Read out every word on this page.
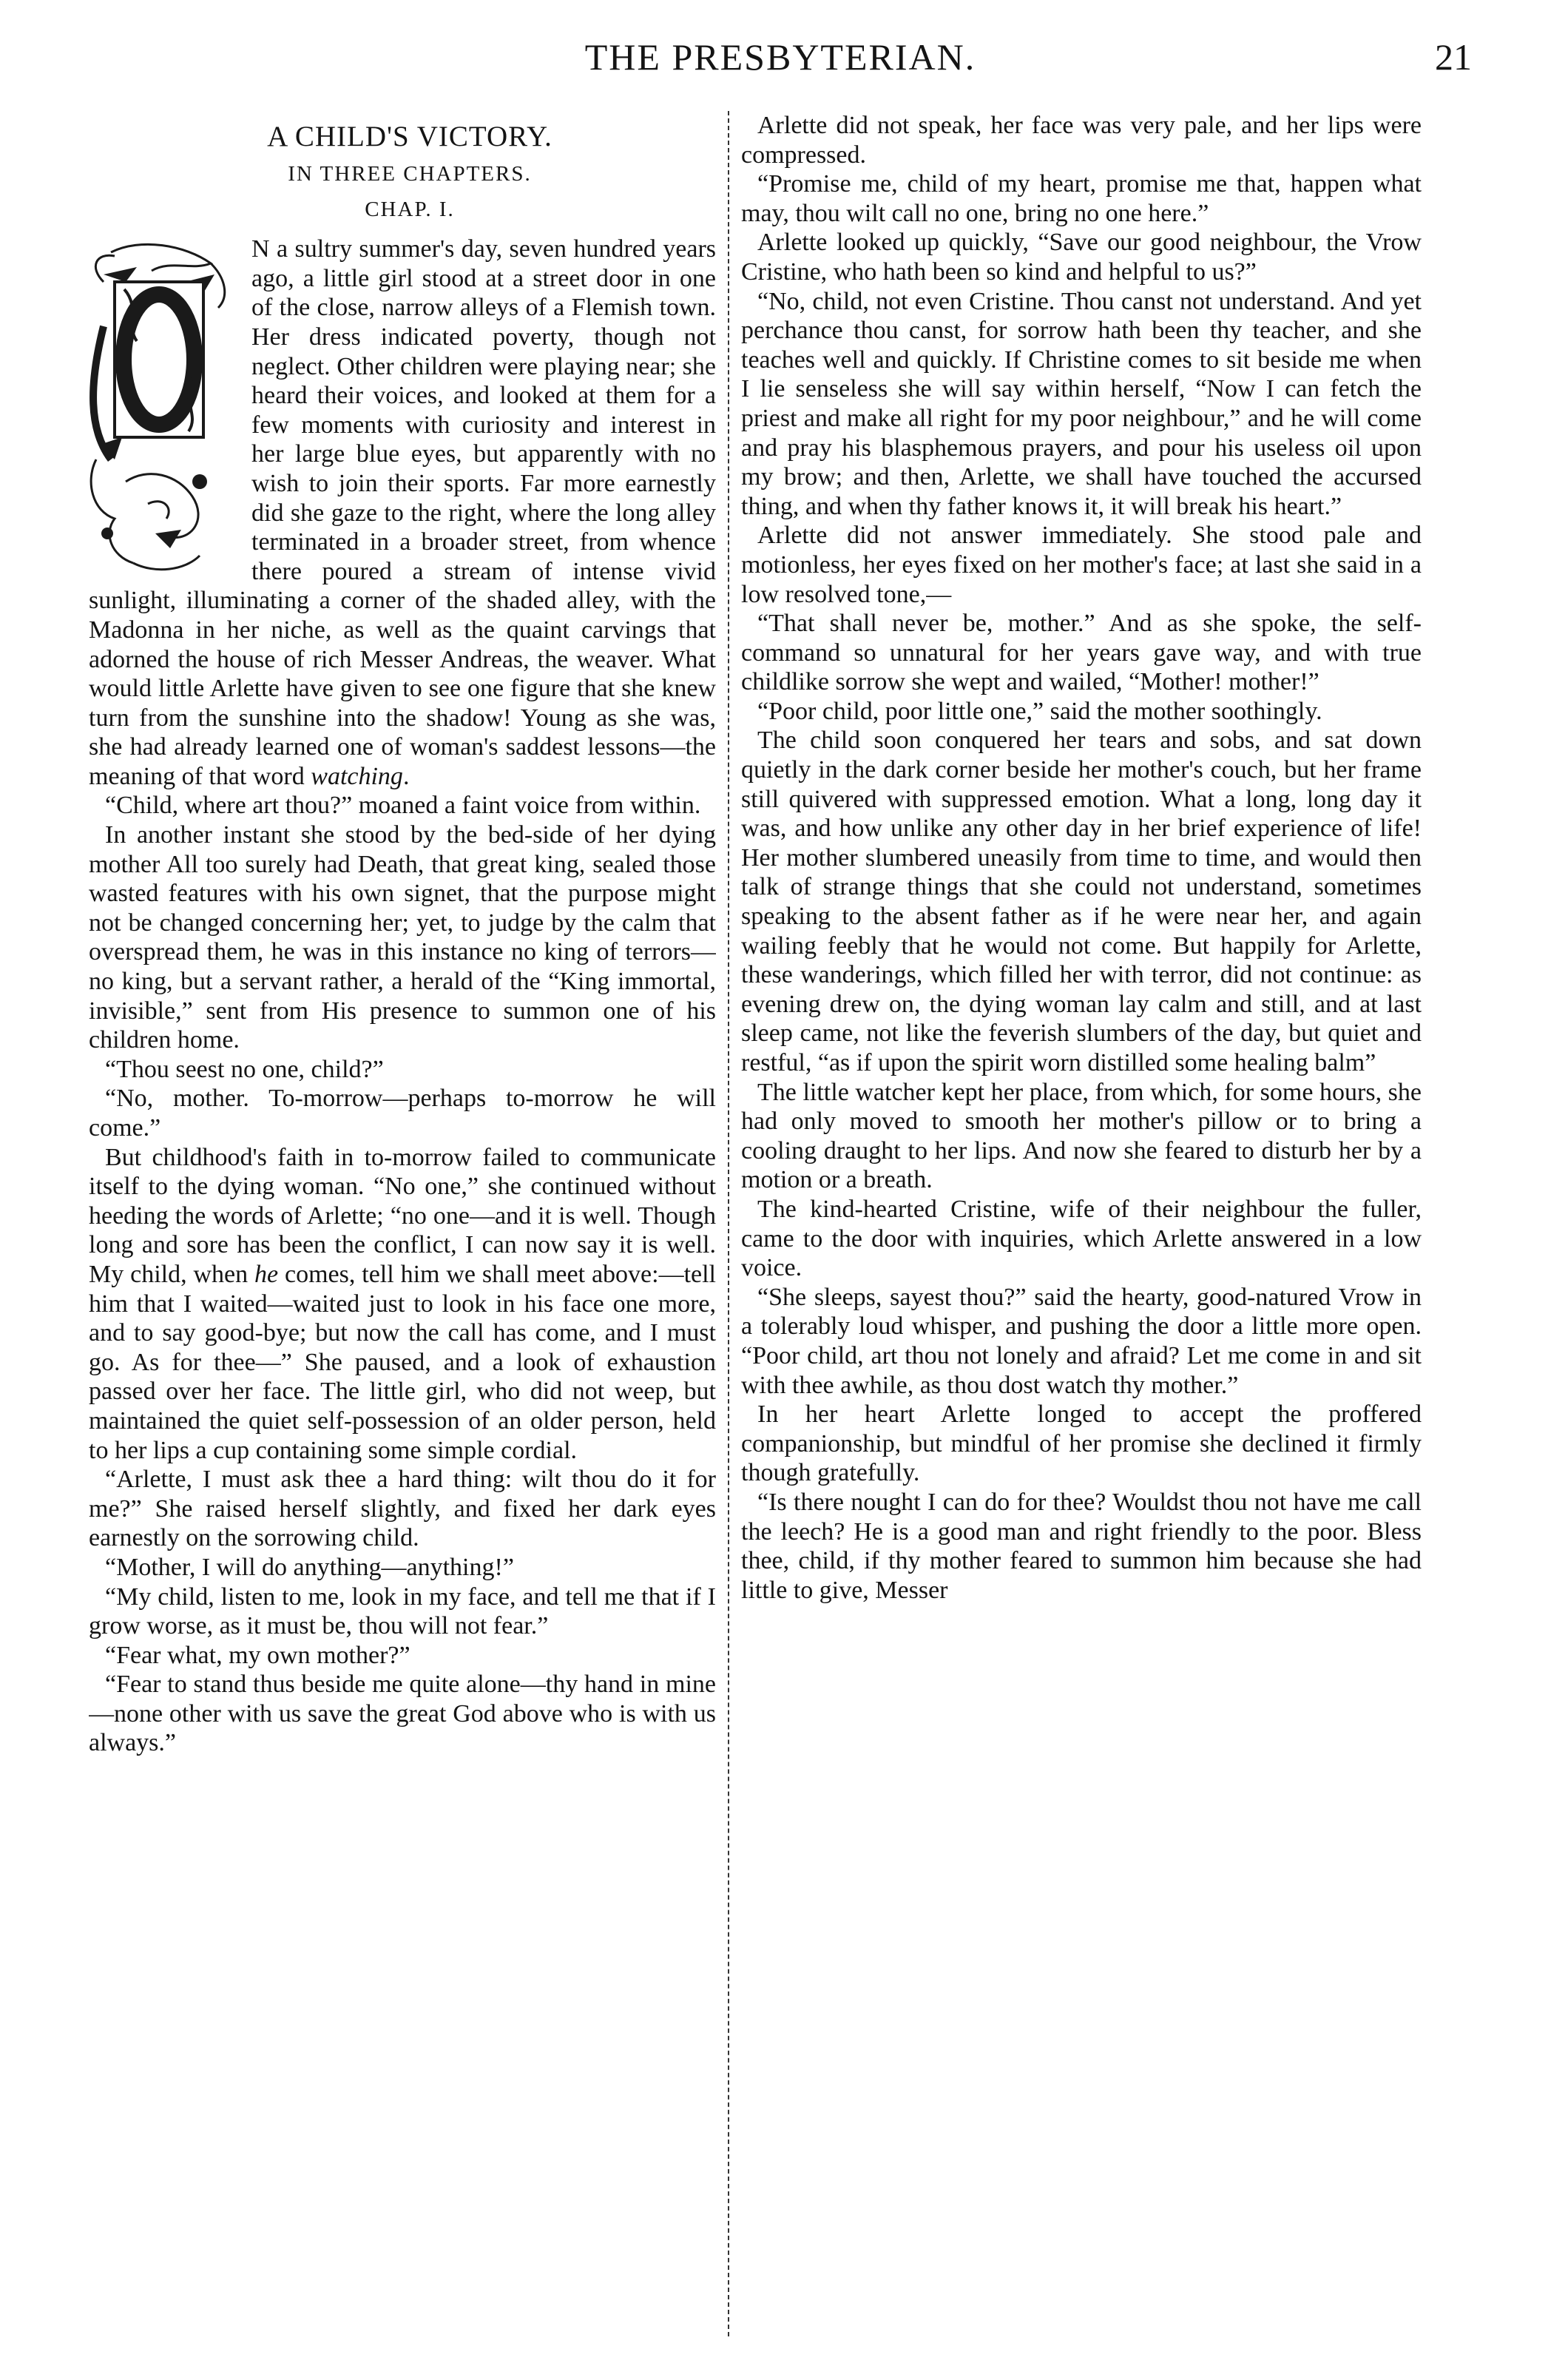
THE PRESBYTERIAN.	21
A CHILD'S VICTORY.
IN THREE CHAPTERS.
CHAP. I.
O
N a sultry summer's day, seven hundred years ago, a little girl stood at a street door in one of the close, narrow alleys of a Flemish town. Her dress indicated poverty, though not neglect. Other children were playing near; she heard their voices, and looked at them for a few moments with curiosity and interest in her large blue eyes, but apparently with no wish to join their sports. Far more earnestly did she gaze to the right, where the long alley terminated in a broader street, from whence there poured a stream of intense vivid sunlight, illuminating a corner of the shaded alley, with the Madonna in her niche, as well as the quaint carvings that adorned the house of rich Messer Andreas, the weaver. What would little Arlette have given to see one figure that she knew turn from the sunshine into the shadow! Young as she was, she had already learned one of woman's saddest lessons—the meaning of that word watching.
“Child, where art thou?” moaned a faint voice from within.
In another instant she stood by the bed-side of her dying mother All too surely had Death, that great king, sealed those wasted features with his own signet, that the purpose might not be changed concerning her; yet, to judge by the calm that overspread them, he was in this instance no king of terrors—no king, but a servant rather, a herald of the “King immortal, invisible,” sent from His presence to summon one of his children home.
“Thou seest no one, child?”
“No, mother. To-morrow—perhaps to-morrow he will come.”
But childhood's faith in to-morrow failed to communicate itself to the dying woman. “No one,” she continued without heeding the words of Arlette; “no one—and it is well. Though long and sore has been the conflict, I can now say it is well. My child, when he comes, tell him we shall meet above:—tell him that I waited—waited just to look in his face one more, and to say good-bye; but now the call has come, and I must go. As for thee—” She paused, and a look of exhaustion passed over her face. The little girl, who did not weep, but maintained the quiet self-possession of an older person, held to her lips a cup containing some simple cordial.
“Arlette, I must ask thee a hard thing: wilt thou do it for me?” She raised herself slightly, and fixed her dark eyes earnestly on the sorrowing child.
“Mother, I will do anything—anything!”
“My child, listen to me, look in my face, and tell me that if I grow worse, as it must be, thou will not fear.”
“Fear what, my own mother?”
“Fear to stand thus beside me quite alone—thy hand in mine—none other with us save the great God above who is with us always.”
Arlette did not speak, her face was very pale, and her lips were compressed.
“Promise me, child of my heart, promise me that, happen what may, thou wilt call no one, bring no one here.”
Arlette looked up quickly, “Save our good neighbour, the Vrow Cristine, who hath been so kind and helpful to us?”
“No, child, not even Cristine. Thou canst not understand. And yet perchance thou canst, for sorrow hath been thy teacher, and she teaches well and quickly. If Christine comes to sit beside me when I lie senseless she will say within herself, “Now I can fetch the priest and make all right for my poor neighbour,” and he will come and pray his blasphemous prayers, and pour his useless oil upon my brow; and then, Arlette, we shall have touched the accursed thing, and when thy father knows it, it will break his heart.”
Arlette did not answer immediately. She stood pale and motionless, her eyes fixed on her mother's face; at last she said in a low resolved tone,—
“That shall never be, mother.” And as she spoke, the self-command so unnatural for her years gave way, and with true childlike sorrow she wept and wailed, “Mother! mother!”
“Poor child, poor little one,” said the mother soothingly.
The child soon conquered her tears and sobs, and sat down quietly in the dark corner beside her mother's couch, but her frame still quivered with suppressed emotion. What a long, long day it was, and how unlike any other day in her brief experience of life! Her mother slumbered uneasily from time to time, and would then talk of strange things that she could not understand, sometimes speaking to the absent father as if he were near her, and again wailing feebly that he would not come. But happily for Arlette, these wanderings, which filled her with terror, did not continue: as evening drew on, the dying woman lay calm and still, and at last sleep came, not like the feverish slumbers of the day, but quiet and restful, “as if upon the spirit worn distilled some healing balm”
The little watcher kept her place, from which, for some hours, she had only moved to smooth her mother's pillow or to bring a cooling draught to her lips. And now she feared to disturb her by a motion or a breath.
The kind-hearted Cristine, wife of their neighbour the fuller, came to the door with inquiries, which Arlette answered in a low voice.
“She sleeps, sayest thou?” said the hearty, good-natured Vrow in a tolerably loud whisper, and pushing the door a little more open. “Poor child, art thou not lonely and afraid? Let me come in and sit with thee awhile, as thou dost watch thy mother.”
In her heart Arlette longed to accept the proffered companionship, but mindful of her promise she declined it firmly though gratefully.
“Is there nought I can do for thee? Wouldst thou not have me call the leech? He is a good man and right friendly to the poor. Bless thee, child, if thy mother feared to summon him because she had little to give, Messer
